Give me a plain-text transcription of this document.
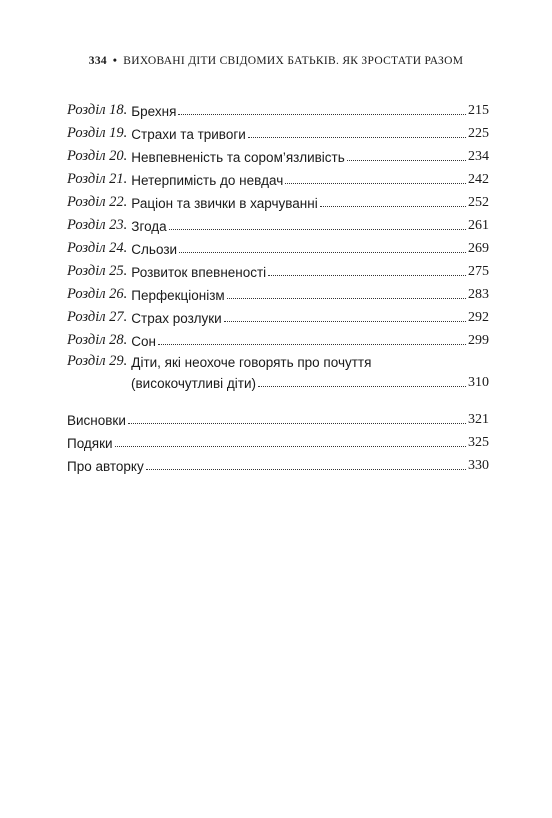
334 • ВИХОВАНІ ДІТИ СВІДОМИХ БАТЬКІВ. ЯК ЗРОСТАТИ РАЗОМ
Розділ 18. Брехня	215
Розділ 19. Страхи та тривоги	225
Розділ 20. Невпевненість та сором’язливість	234
Розділ 21. Нетерпимість до невдач	242
Розділ 22. Раціон та звички в харчуванні	252
Розділ 23. Згода	261
Розділ 24. Сльози	269
Розділ 25. Розвиток впевненості	275
Розділ 26. Перфекціонізм	283
Розділ 27. Страх розлуки	292
Розділ 28. Сон	299
Розділ 29. Діти, які неохоче говорять про почуття
(високочутливі діти)	310
Висновки	321
Подяки	325
Про авторку	330
